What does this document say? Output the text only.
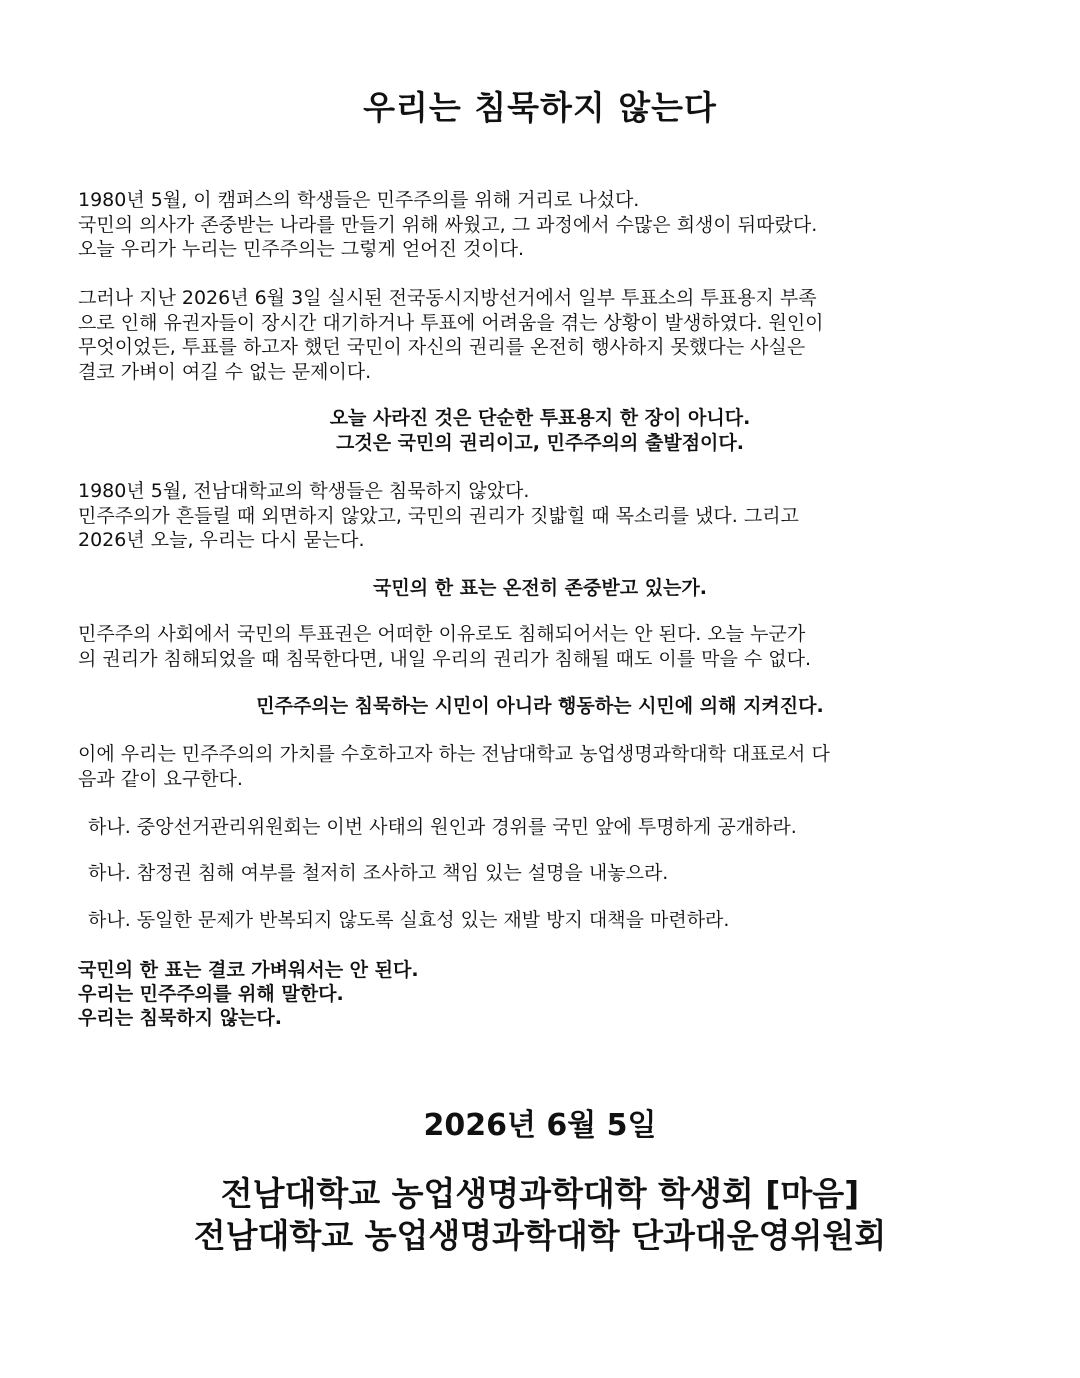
우리는 침묵하지 않는다
1980년 5월, 이 캠퍼스의 학생들은 민주주의를 위해 거리로 나섰다.
국민의 의사가 존중받는 나라를 만들기 위해 싸웠고, 그 과정에서 수많은 희생이 뒤따랐다.
오늘 우리가 누리는 민주주의는 그렇게 얻어진 것이다.
그러나 지난 2026년 6월 3일 실시된 전국동시지방선거에서 일부 투표소의 투표용지 부족
으로 인해 유권자들이 장시간 대기하거나 투표에 어려움을 겪는 상황이 발생하였다. 원인이
무엇이었든, 투표를 하고자 했던 국민이 자신의 권리를 온전히 행사하지 못했다는 사실은
결코 가벼이 여길 수 없는 문제이다.
오늘 사라진 것은 단순한 투표용지 한 장이 아니다.
그것은 국민의 권리이고, 민주주의의 출발점이다.
1980년 5월, 전남대학교의 학생들은 침묵하지 않았다.
민주주의가 흔들릴 때 외면하지 않았고, 국민의 권리가 짓밟힐 때 목소리를 냈다. 그리고
2026년 오늘, 우리는 다시 묻는다.
국민의 한 표는 온전히 존중받고 있는가.
민주주의 사회에서 국민의 투표권은 어떠한 이유로도 침해되어서는 안 된다. 오늘 누군가
의 권리가 침해되었을 때 침묵한다면, 내일 우리의 권리가 침해될 때도 이를 막을 수 없다.
민주주의는 침묵하는 시민이 아니라 행동하는 시민에 의해 지켜진다.
이에 우리는 민주주의의 가치를 수호하고자 하는 전남대학교 농업생명과학대학 대표로서 다
음과 같이 요구한다.
하나. 중앙선거관리위원회는 이번 사태의 원인과 경위를 국민 앞에 투명하게 공개하라.
하나. 참정권 침해 여부를 철저히 조사하고 책임 있는 설명을 내놓으라.
하나. 동일한 문제가 반복되지 않도록 실효성 있는 재발 방지 대책을 마련하라.
국민의 한 표는 결코 가벼워서는 안 된다.
우리는 민주주의를 위해 말한다.
우리는 침묵하지 않는다.
2026년 6월 5일
전남대학교 농업생명과학대학 학생회 [마음]
전남대학교 농업생명과학대학 단과대운영위원회
